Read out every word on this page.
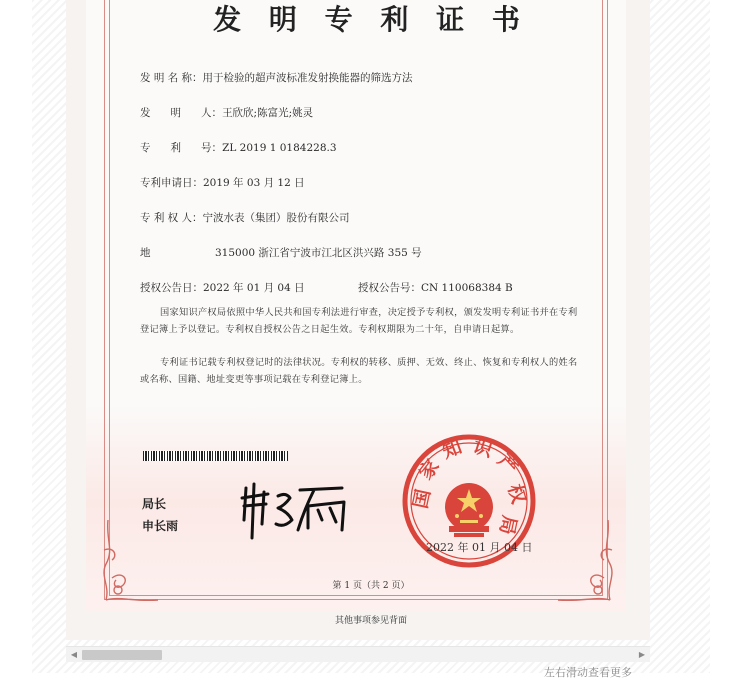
发 明 专 利 证 书
发 明 名 称：用于检验的超声波标准发射换能器的筛选方法
发      明      人：王欣欣;陈富光;姚灵
专      利      号：ZL 2019 1 0184228.3
专利申请日：2019 年 03 月 12 日
专 利 权 人：宁波水表（集团）股份有限公司
地	315000 浙江省宁波市江北区洪兴路 355 号
授权公告日：2022 年 01 月 04 日	授权公告号：CN 110068384 B
国家知识产权局依照中华人民共和国专利法进行审查，决定授予专利权，颁发发明专利证书并在专利登记簿上予以登记。专利权自授权公告之日起生效。专利权期限为二十年，自申请日起算。
专利证书记载专利权登记时的法律状况。专利权的转移、质押、无效、终止、恢复和专利权人的姓名或名称、国籍、地址变更等事项记载在专利登记簿上。
局长
申长雨
国
家
知 识
产
权
局
2022 年 01 月 04 日
第 1 页（共 2 页）
其他事项参见背面
◀	▶
左右滑动查看更多
